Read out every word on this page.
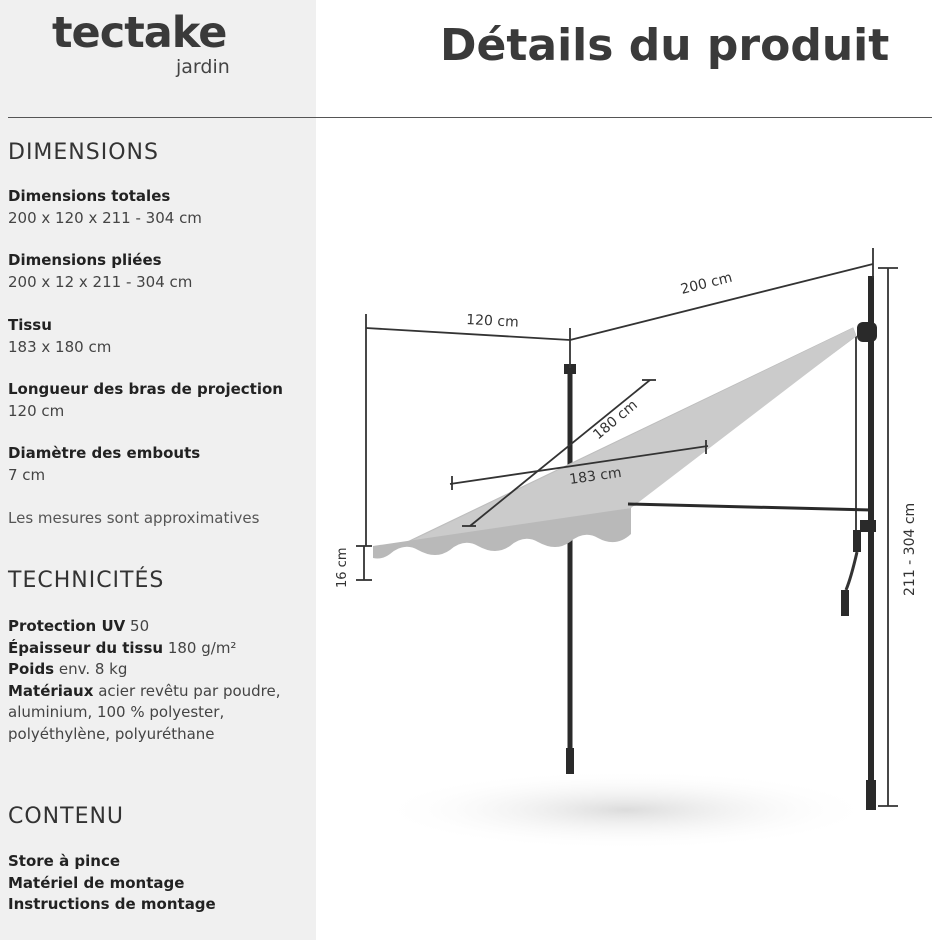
tectake
jardin	Détails du produit
DIMENSIONS
Dimensions totales
200 x 120 x 211 - 304 cm
Dimensions pliées
200 x 12 x 211 - 304 cm
Tissu
183 x 180 cm
Longueur des bras de projection
120 cm
Diamètre des embouts
7 cm
Les mesures sont approximatives
TECHNICITÉS
Protection UV 50
Épaisseur du tissu 180 g/m²
Poids env. 8 kg
Matériaux acier revêtu par poudre, aluminium, 100 % polyester, polyéthylène, polyuréthane
CONTENU
Store à pince
Matériel de montage
Instructions de montage
120 cm
200 cm
180 cm
183 cm
16 cm	211 - 304 cm
